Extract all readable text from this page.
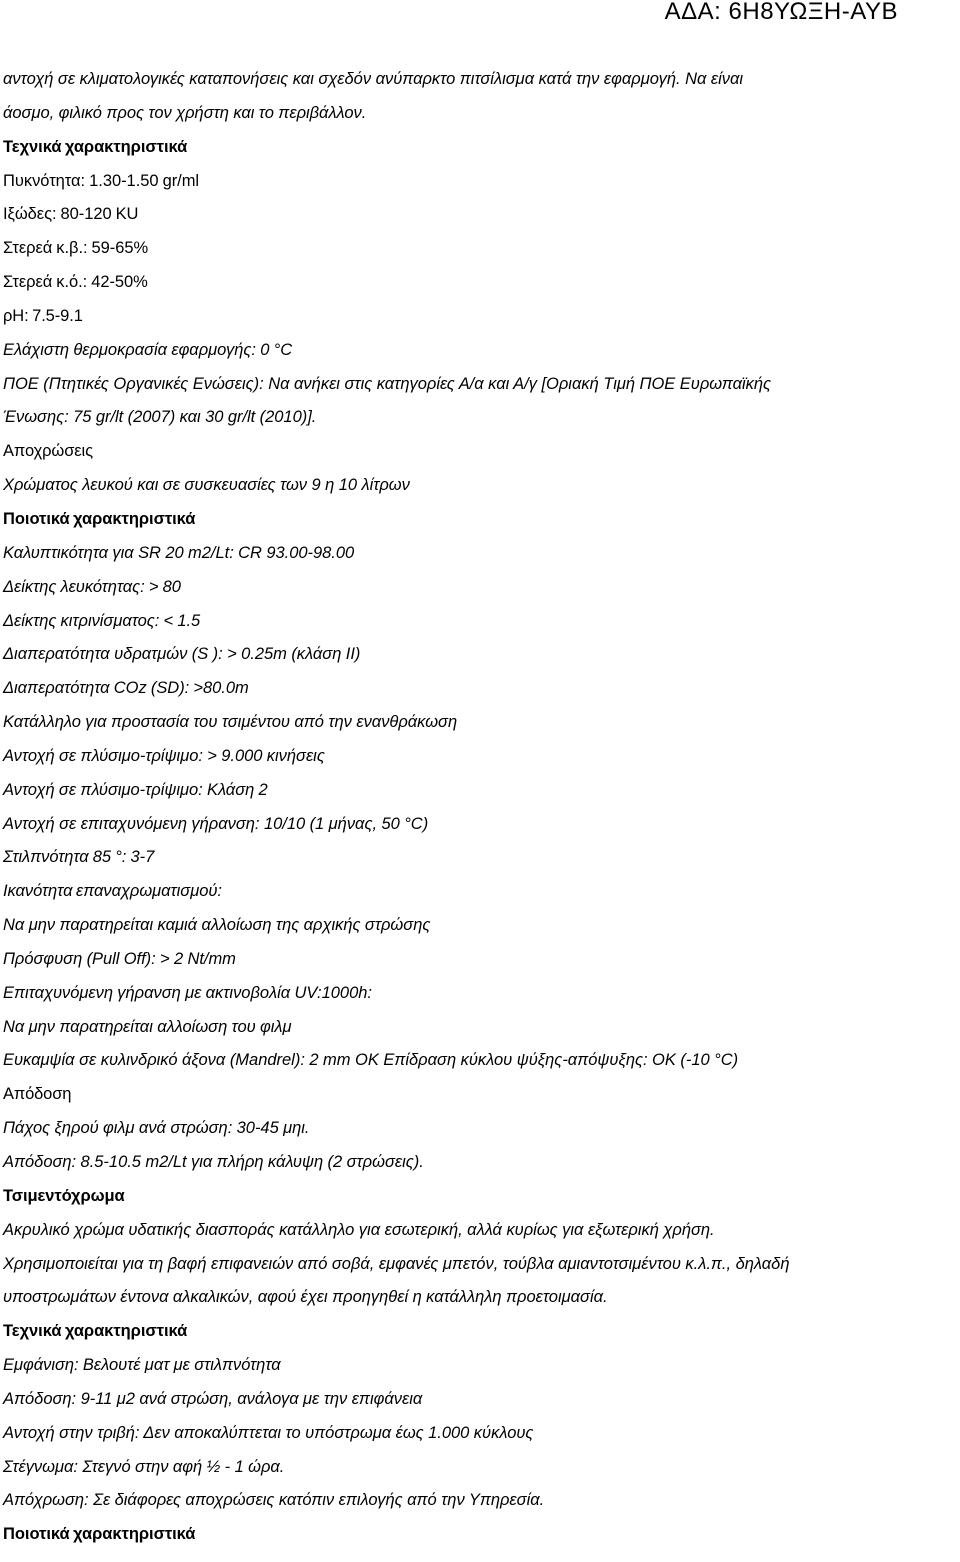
ΑΔΑ: 6Η8ΥΩΞΗ-ΑΥΒ
αντοχή σε κλιματολογικές καταπονήσεις και σχεδόν ανύπαρκτο πιτσίλισμα κατά την εφαρμογή. Να είναι
άοσμο, φιλικό προς τον χρήστη και το περιβάλλον.
Τεχνικά χαρακτηριστικά
Πυκνότητα: 1.30-1.50 gr/ml
Ιξώδες: 80-120 KU
Στερεά κ.β.: 59-65%
Στερεά κ.ό.: 42-50%
ρH: 7.5-9.1
Ελάχιστη θερμοκρασία εφαρμογής: 0 °C
ΠΟΕ (Πτητικές Οργανικές Ενώσεις): Να ανήκει στις κατηγορίες Α/α και Α/γ [Οριακή Τιμή ΠΟΕ Ευρωπαϊκής
Ένωσης: 75 gr/lt (2007) και 30 gr/lt (2010)].
Αποχρώσεις
Χρώματος λευκού και σε συσκευασίες των 9 η 10 λίτρων
Ποιοτικά χαρακτηριστικά
Καλυπτικότητα για SR 20 m2/Lt: CR 93.00-98.00
Δείκτης λευκότητας: > 80
Δείκτης κιτρινίσματος: < 1.5
Διαπερατότητα υδρατμών (S ): > 0.25m (κλάση II)
Διαπερατότητα COz (SD): >80.0m
Κατάλληλο για προστασία του τσιμέντου από την ενανθράκωση
Αντοχή σε πλύσιμο-τρίψιμο: > 9.000 κινήσεις
Αντοχή σε πλύσιμο-τρίψιμο: Κλάση 2
Αντοχή σε επιταχυνόμενη γήρανση: 10/10 (1 μήνας, 50 °C)
Στιλπνότητα 85 °: 3-7
Ικανότητα επαναχρωματισμού:
Να μην παρατηρείται καμιά αλλοίωση της αρχικής στρώσης
Πρόσφυση (Pull Off): > 2 Nt/mm
Επιταχυνόμενη γήρανση με ακτινοβολία UV:1000h:
Να μην παρατηρείται αλλοίωση του φιλμ
Ευκαμψία σε κυλινδρικό άξονα (Mandrel): 2 mm OK Επίδραση κύκλου ψύξης-απόψυξης: ΟΚ (-10 °C)
Απόδοση
Πάχος ξηρού φιλμ ανά στρώση: 30-45 μηι.
Απόδοση: 8.5-10.5 m2/Lt για πλήρη κάλυψη (2 στρώσεις).
Τσιμεντόχρωμα
Ακρυλικό χρώμα υδατικής διασποράς κατάλληλο για εσωτερική, αλλά κυρίως για εξωτερική χρήση.
Χρησιμοποιείται για τη βαφή επιφανειών από σοβά, εμφανές μπετόν, τούβλα αμιαντοτσιμέντου κ.λ.π., δηλαδή
υποστρωμάτων έντονα αλκαλικών, αφού έχει προηγηθεί η κατάλληλη προετοιμασία.
Τεχνικά χαρακτηριστικά
Εμφάνιση: Βελουτέ ματ με στιλπνότητα
Απόδοση: 9-11 μ2 ανά στρώση, ανάλογα με την επιφάνεια
Αντοχή στην τριβή: Δεν αποκαλύπτεται το υπόστρωμα έως 1.000 κύκλους
Στέγνωμα: Στεγνό στην αφή ½ - 1 ώρα.
Απόχρωση: Σε διάφορες αποχρώσεις κατόπιν επιλογής από την Υπηρεσία.
Ποιοτικά χαρακτηριστικά
